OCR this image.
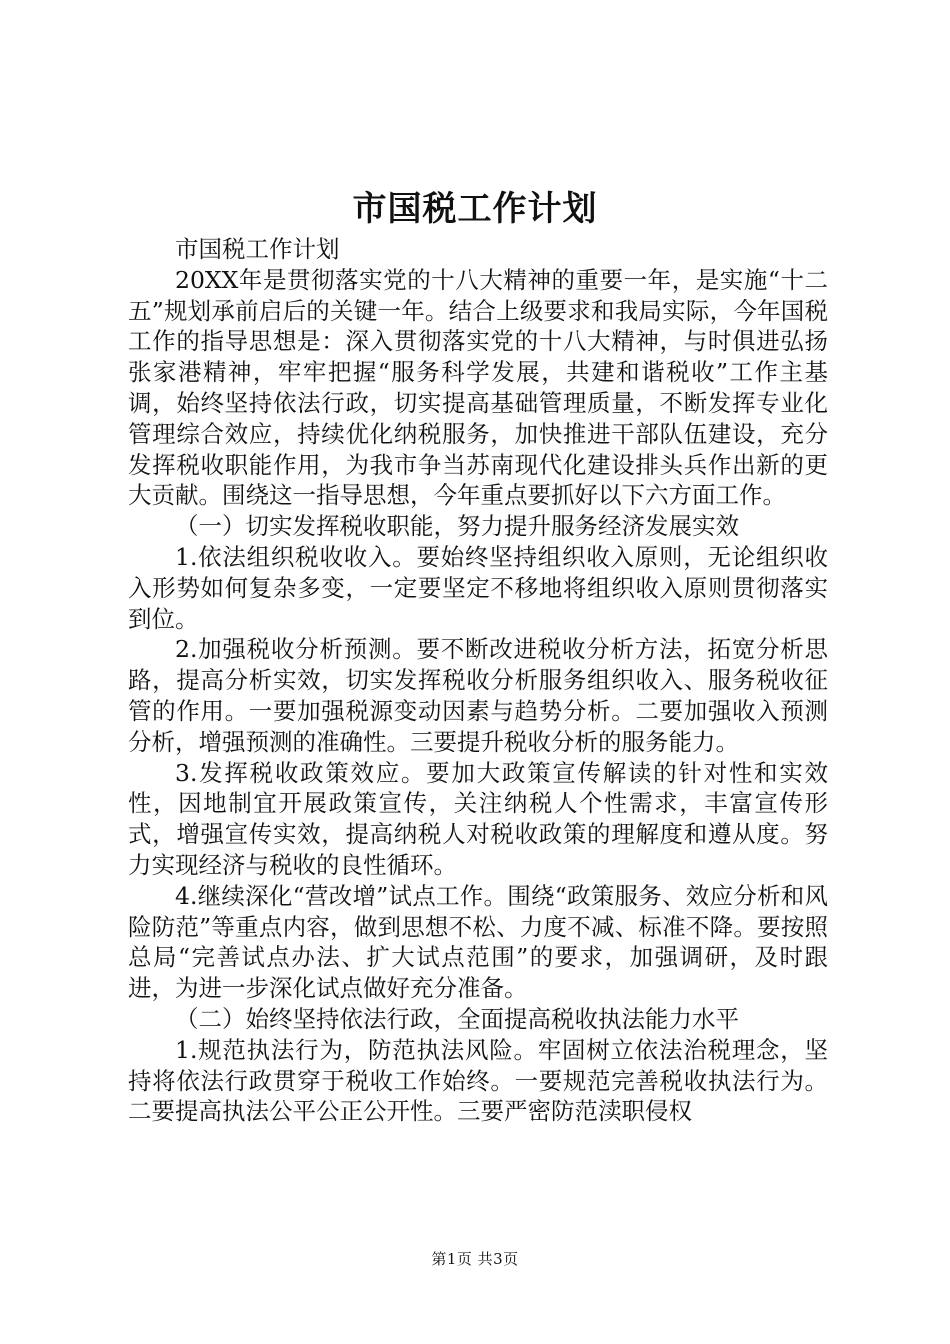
市国税工作计划

市国税工作计划

20XX年是贯彻落实党的十八大精神的重要一年，是实施“十二五”规划承前启后的关键一年。结合上级要求和我局实际，今年国税工作的指导思想是：深入贯彻落实党的十八大精神，与时俱进弘扬张家港精神，牢牢把握“服务科学发展，共建和谐税收”工作主基调，始终坚持依法行政，切实提高基础管理质量，不断发挥专业化管理综合效应，持续优化纳税服务，加快推进干部队伍建设，充分发挥税收职能作用，为我市争当苏南现代化建设排头兵作出新的更大贡献。围绕这一指导思想，今年重点要抓好以下六方面工作。

（一）切实发挥税收职能，努力提升服务经济发展实效

1.依法组织税收收入。要始终坚持组织收入原则，无论组织收入形势如何复杂多变，一定要坚定不移地将组织收入原则贯彻落实到位。

2.加强税收分析预测。要不断改进税收分析方法，拓宽分析思路，提高分析实效，切实发挥税收分析服务组织收入、服务税收征管的作用。一要加强税源变动因素与趋势分析。二要加强收入预测分析，增强预测的准确性。三要提升税收分析的服务能力。

3.发挥税收政策效应。要加大政策宣传解读的针对性和实效性，因地制宜开展政策宣传，关注纳税人个性需求，丰富宣传形式，增强宣传实效，提高纳税人对税收政策的理解度和遵从度。努力实现经济与税收的良性循环。

4.继续深化“营改增”试点工作。围绕“政策服务、效应分析和风险防范”等重点内容，做到思想不松、力度不减、标准不降。要按照总局“完善试点办法、扩大试点范围”的要求，加强调研，及时跟进，为进一步深化试点做好充分准备。

（二）始终坚持依法行政，全面提高税收执法能力水平

1.规范执法行为，防范执法风险。牢固树立依法治税理念，坚持将依法行政贯穿于税收工作始终。一要规范完善税收执法行为。二要提高执法公平公正公开性。三要严密防范渎职侵权

第1页 共3页
